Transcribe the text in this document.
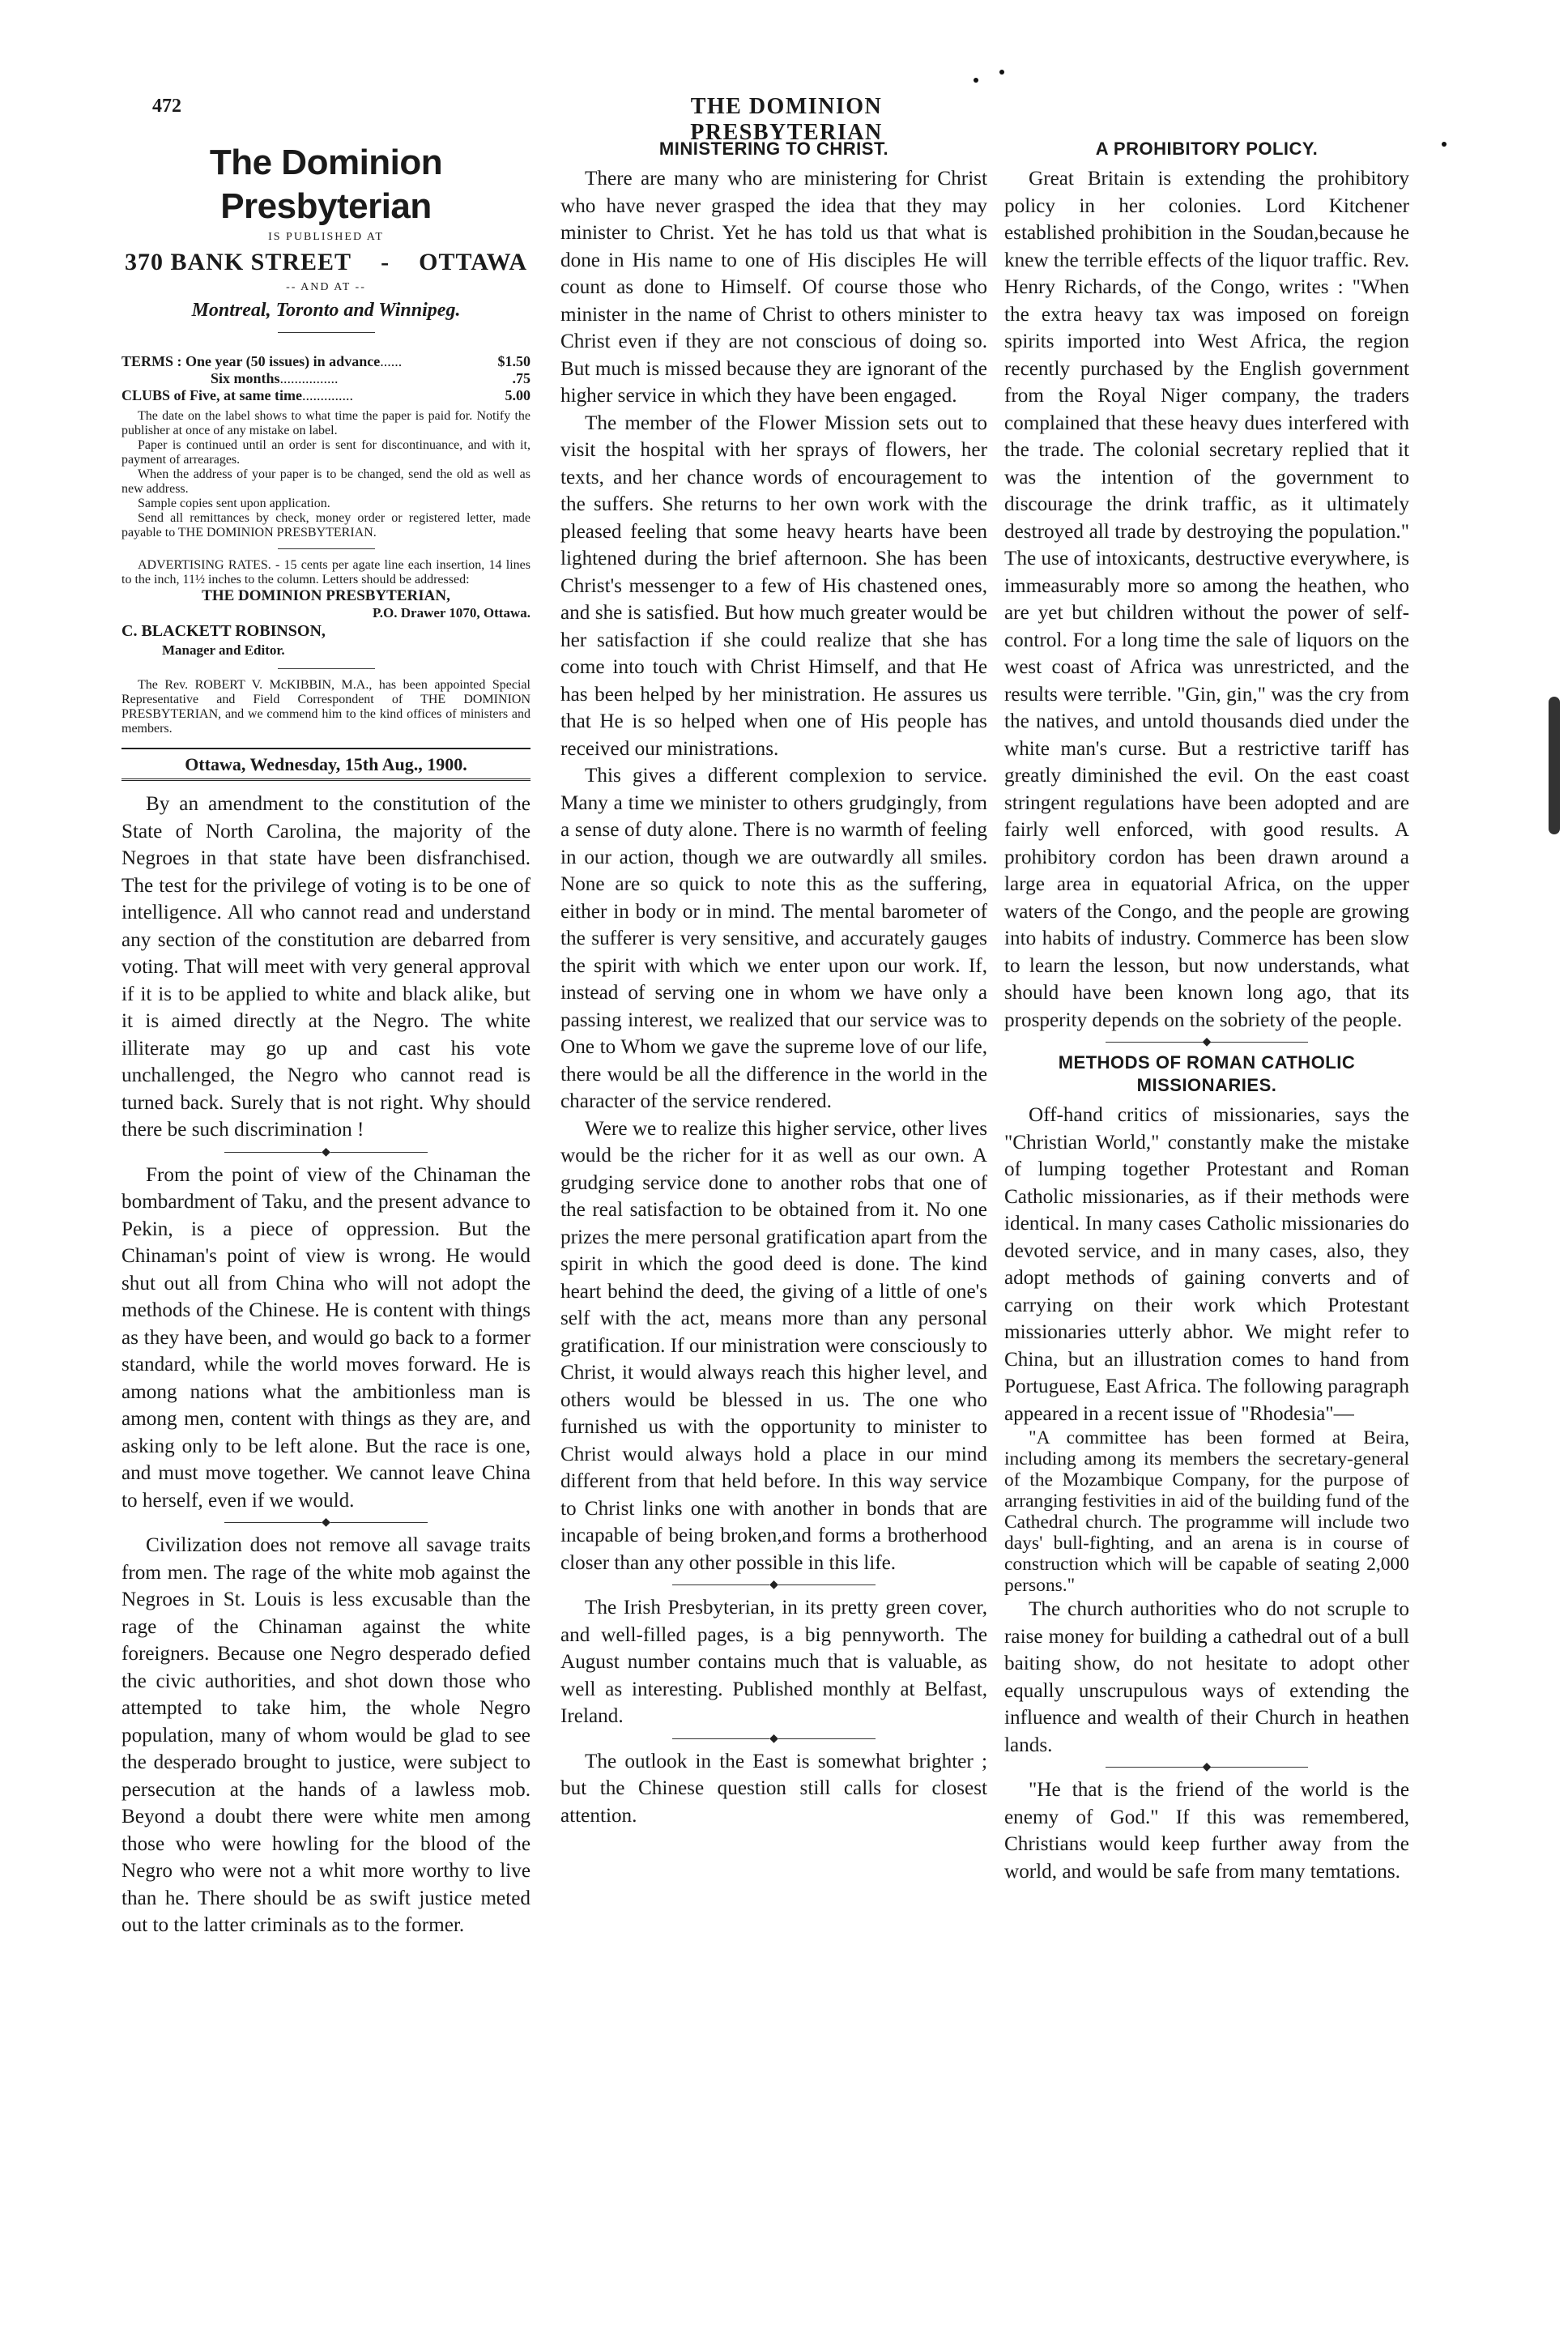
472	THE DOMINION PRESBYTERIAN
The Dominion Presbyterian
IS PUBLISHED AT
370 BANK STREET - OTTAWA
-- AND AT --
Montreal, Toronto and Winnipeg.
TERMS : One year (50 issues) in advance......	$1.50
Six months................	.75
CLUBS of Five, at same time..............	5.00

The date on the label shows to what time the paper is paid for. Notify the publisher at once of any mistake on label.

Paper is continued until an order is sent for discontinuance, and with it, payment of arrearages.

When the address of your paper is to be changed, send the old as well as new address.

Sample copies sent upon application.

Send all remittances by check, money order or registered letter, made payable to THE DOMINION PRESBYTERIAN.

ADVERTISING RATES. - 15 cents per agate line each insertion, 14 lines to the inch, 11½ inches to the column. Letters should be addressed:

THE DOMINION PRESBYTERIAN,
P.O. Drawer 1070, Ottawa.
C. BLACKETT ROBINSON,
Manager and Editor.

The Rev. ROBERT V. McKIBBIN, M.A., has been appointed Special Representative and Field Correspondent of THE DOMINION PRESBYTERIAN, and we commend him to the kind offices of ministers and members.

Ottawa, Wednesday, 15th Aug., 1900.

By an amendment to the constitution of the State of North Carolina, the majority of the Negroes in that state have been disfranchised. The test for the privilege of voting is to be one of intelligence. All who cannot read and understand any section of the constitution are debarred from voting. That will meet with very general approval if it is to be applied to white and black alike, but it is aimed directly at the Negro. The white illiterate may go up and cast his vote unchallenged, the Negro who cannot read is turned back. Surely that is not right. Why should there be such discrimination !

◆

From the point of view of the Chinaman the bombardment of Taku, and the present advance to Pekin, is a piece of oppression. But the Chinaman's point of view is wrong. He would shut out all from China who will not adopt the methods of the Chinese. He is content with things as they have been, and would go back to a former standard, while the world moves forward. He is among nations what the ambitionless man is among men, content with things as they are, and asking only to be left alone. But the race is one, and must move together. We cannot leave China to herself, even if we would.

◆

Civilization does not remove all savage traits from men. The rage of the white mob against the Negroes in St. Louis is less excusable than the rage of the Chinaman against the white foreigners. Because one Negro desperado defied the civic authorities, and shot down those who attempted to take him, the whole Negro population, many of whom would be glad to see the desperado brought to justice, were subject to persecution at the hands of a lawless mob. Beyond a doubt there were white men among those who were howling for the blood of the Negro who were not a whit more worthy to live than he. There should be as swift justice meted out to the latter criminals as to the former.

MINISTERING TO CHRIST.

There are many who are ministering for Christ who have never grasped the idea that they may minister to Christ. Yet he has told us that what is done in His name to one of His disciples He will count as done to Himself. Of course those who minister in the name of Christ to others minister to Christ even if they are not conscious of doing so. But much is missed because they are ignorant of the higher service in which they have been engaged.

The member of the Flower Mission sets out to visit the hospital with her sprays of flowers, her texts, and her chance words of encouragement to the suffers. She returns to her own work with the pleased feeling that some heavy hearts have been lightened during the brief afternoon. She has been Christ's messenger to a few of His chastened ones, and she is satisfied. But how much greater would be her satisfaction if she could realize that she has come into touch with Christ Himself, and that He has been helped by her ministration. He assures us that He is so helped when one of His people has received our ministrations.

This gives a different complexion to service. Many a time we minister to others grudgingly, from a sense of duty alone. There is no warmth of feeling in our action, though we are outwardly all smiles. None are so quick to note this as the suffering, either in body or in mind. The mental barometer of the sufferer is very sensitive, and accurately gauges the spirit with which we enter upon our work. If, instead of serving one in whom we have only a passing interest, we realized that our service was to One to Whom we gave the supreme love of our life, there would be all the difference in the world in the character of the service rendered.

Were we to realize this higher service, other lives would be the richer for it as well as our own. A grudging service done to another robs that one of the real satisfaction to be obtained from it. No one prizes the mere personal gratification apart from the spirit in which the good deed is done. The kind heart behind the deed, the giving of a little of one's self with the act, means more than any personal gratification. If our ministration were consciously to Christ, it would always reach this higher level, and others would be blessed in us. The one who furnished us with the opportunity to minister to Christ would always hold a place in our mind different from that held before. In this way service to Christ links one with another in bonds that are incapable of being broken,and forms a brotherhood closer than any other possible in this life.

◆

The Irish Presbyterian, in its pretty green cover, and well-filled pages, is a big pennyworth. The August number contains much that is valuable, as well as interesting. Published monthly at Belfast, Ireland.

◆

The outlook in the East is somewhat brighter ; but the Chinese question still calls for closest attention.

A PROHIBITORY POLICY.

Great Britain is extending the prohibitory policy in her colonies. Lord Kitchener established prohibition in the Soudan,because he knew the terrible effects of the liquor traffic. Rev. Henry Richards, of the Congo, writes : "When the extra heavy tax was imposed on foreign spirits imported into West Africa, the region recently purchased by the English government from the Royal Niger company, the traders complained that these heavy dues interfered with the trade. The colonial secretary replied that it was the intention of the government to discourage the drink traffic, as it ultimately destroyed all trade by destroying the population." The use of intoxicants, destructive everywhere, is immeasurably more so among the heathen, who are yet but children without the power of self-control. For a long time the sale of liquors on the west coast of Africa was unrestricted, and the results were terrible. "Gin, gin," was the cry from the natives, and untold thousands died under the white man's curse. But a restrictive tariff has greatly diminished the evil. On the east coast stringent regulations have been adopted and are fairly well enforced, with good results. A prohibitory cordon has been drawn around a large area in equatorial Africa, on the upper waters of the Congo, and the people are growing into habits of industry. Commerce has been slow to learn the lesson, but now understands, what should have been known long ago, that its prosperity depends on the sobriety of the people.

◆
METHODS OF ROMAN CATHOLIC MISSIONARIES.

Off-hand critics of missionaries, says the "Christian World," constantly make the mistake of lumping together Protestant and Roman Catholic missionaries, as if their methods were identical. In many cases Catholic missionaries do devoted service, and in many cases, also, they adopt methods of gaining converts and of carrying on their work which Protestant missionaries utterly abhor. We might refer to China, but an illustration comes to hand from Portuguese, East Africa. The following paragraph appeared in a recent issue of "Rhodesia"—

"A committee has been formed at Beira, including among its members the secretary-general of the Mozambique Company, for the purpose of arranging festivities in aid of the building fund of the Cathedral church. The programme will include two days' bull-fighting, and an arena is in course of construction which will be capable of seating 2,000 persons."

The church authorities who do not scruple to raise money for building a cathedral out of a bull baiting show, do not hesitate to adopt other equally unscrupulous ways of extending the influence and wealth of their Church in heathen lands.

◆

"He that is the friend of the world is the enemy of God." If this was remembered, Christians would keep further away from the world, and would be safe from many temtations.
